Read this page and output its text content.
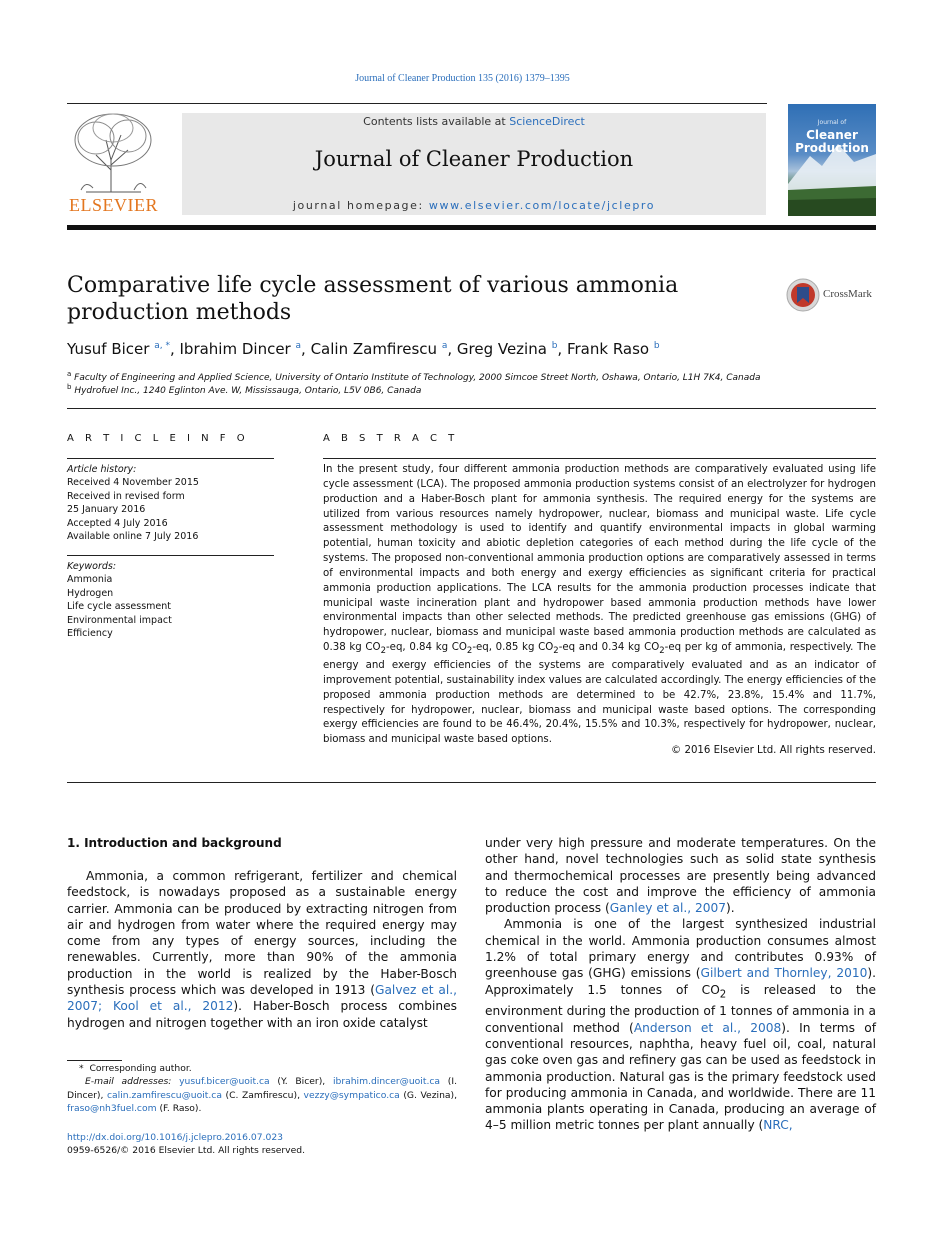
Journal of Cleaner Production 135 (2016) 1379–1395
ELSEVIER
Contents lists available at ScienceDirect
Journal of Cleaner Production
journal homepage: www.elsevier.com/locate/jclepro
Journal of
Cleaner
Production
Comparative life cycle assessment of various ammonia production methods
CrossMark
Yusuf Bicer $^{a, *}$, Ibrahim Dincer $^a$, Calin Zamfirescu $^a$, Greg Vezina $^b$, Frank Raso $^b$
$^a$ Faculty of Engineering and Applied Science, University of Ontario Institute of Technology, 2000 Simcoe Street North, Oshawa, Ontario, L1H 7K4, Canada
$^b$ Hydrofuel Inc., 1240 Eglinton Ave. W, Mississauga, Ontario, L5V 0B6, Canada
A R T I C L E I N F O	A B S T R A C T
Article history:
Received 4 November 2015
Received in revised form
25 January 2016
Accepted 4 July 2016
Available online 7 July 2016
Keywords:
Ammonia
Hydrogen
Life cycle assessment
Environmental impact
Efficiency
In the present study, four different ammonia production methods are comparatively evaluated using life cycle assessment (LCA). The proposed ammonia production systems consist of an electrolyzer for hydrogen production and a Haber-Bosch plant for ammonia synthesis. The required energy for the systems are utilized from various resources namely hydropower, nuclear, biomass and municipal waste. Life cycle assessment methodology is used to identify and quantify environmental impacts in global warming potential, human toxicity and abiotic depletion categories of each method during the life cycle of the systems. The proposed non-conventional ammonia production options are comparatively assessed in terms of environmental impacts and both energy and exergy efficiencies as significant criteria for practical ammonia production applications. The LCA results for the ammonia production processes indicate that municipal waste incineration plant and hydropower based ammonia production methods have lower environmental impacts than other selected methods. The predicted greenhouse gas emissions (GHG) of hydropower, nuclear, biomass and municipal waste based ammonia production methods are calculated as 0.38 kg $CO_2-eq$, 0.84 kg $CO_2-eq$, 0.85 kg $CO_2-eq$ and 0.34 kg $CO_2-eq$ per kg of ammonia, respectively. The energy and exergy efficiencies of the systems are comparatively evaluated and as an indicator of improvement potential, sustainability index values are calculated accordingly. The energy efficiencies of the proposed ammonia production methods are determined to be 42.7%, 23.8%, 15.4% and 11.7%, respectively for hydropower, nuclear, biomass and municipal waste based options. The corresponding exergy efficiencies are found to be 46.4%, 20.4%, 15.5% and 10.3%, respectively for hydropower, nuclear, biomass and municipal waste based options.
© 2016 Elsevier Ltd. All rights reserved.
1. Introduction and background

Ammonia, a common refrigerant, fertilizer and chemical feedstock, is nowadays proposed as a sustainable energy carrier. Ammonia can be produced by extracting nitrogen from air and hydrogen from water where the required energy may come from any types of energy sources, including the renewables. Currently, more than 90% of the ammonia production in the world is realized by the Haber-Bosch synthesis process which was developed in 1913 (Galvez et al., 2007; Kool et al., 2012). Haber-Bosch process combines hydrogen and nitrogen together with an iron oxide catalyst

under very high pressure and moderate temperatures. On the other hand, novel technologies such as solid state synthesis and thermochemical processes are presently being advanced to reduce the cost and improve the efficiency of ammonia production process (Ganley et al., 2007).

Ammonia is one of the largest synthesized industrial chemical in the world. Ammonia production consumes almost 1.2% of total primary energy and contributes 0.93% of greenhouse gas (GHG) emissions (Gilbert and Thornley, 2010). Approximately 1.5 tonnes of $CO_2$ is released to the environment during the production of 1 tonnes of ammonia in a conventional method (Anderson et al., 2008). In terms of conventional resources, naphtha, heavy fuel oil, coal, natural gas coke oven gas and refinery gas can be used as feedstock in ammonia production. Natural gas is the primary feedstock used for producing ammonia in Canada, and worldwide. There are 11 ammonia plants operating in Canada, producing an average of 4–5 million metric tonnes per plant annually (NRC,

* Corresponding author.
E-mail addresses: yusuf.bicer@uoit.ca (Y. Bicer), ibrahim.dincer@uoit.ca (I. Dincer), calin.zamfirescu@uoit.ca (C. Zamfirescu), vezzy@sympatico.ca (G. Vezina), fraso@nh3fuel.com (F. Raso).
http://dx.doi.org/10.1016/j.jclepro.2016.07.023
0959-6526/© 2016 Elsevier Ltd. All rights reserved.
